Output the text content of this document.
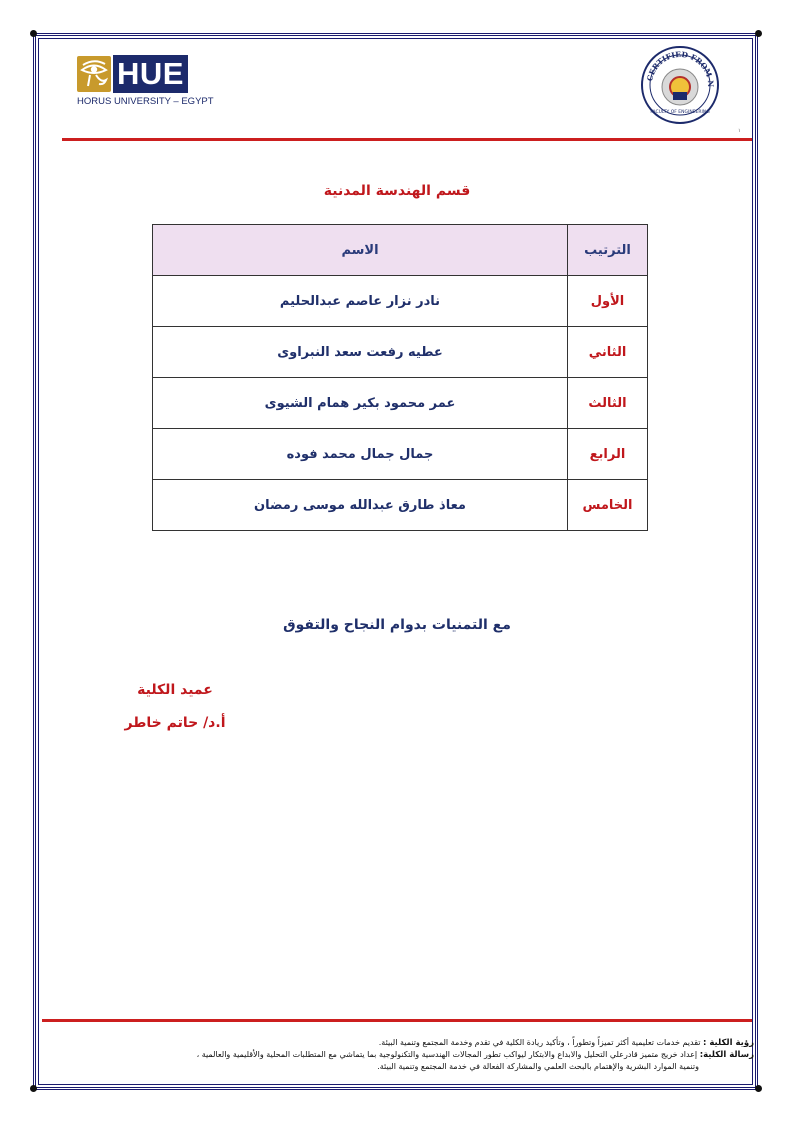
HUE
HORUS UNIVERSITY – EGYPT
CERTIFIED FROM N
FACULTY OF ENGINEERING
١
قسم الهندسة المدنية
الترتيب	الاسم
الأول	نادر نزار عاصم عبدالحليم
الثاني	عطيه رفعت سعد النبراوى
الثالث	عمر محمود بكير همام الشيوى
الرابع	جمال جمال محمد فوده
الخامس	معاذ طارق عبدالله موسى رمضان
مع التمنيات بدوام النجاح والتفوق
عميد الكلية
أ.د/ حاتم خاطر
رؤية الكلية : تقديم خدمات تعليمية أكثر تميزاً وتطوراً ، وتأكيد ريادة الكلية في تقدم وخدمة المجتمع وتنمية البيئة.
رسالة الكلية: إعداد خريج متميز قادرعلي التحليل والابداع والابتكار ليواكب تطور المجالات الهندسية والتكنولوجية بما يتماشي مع المتطلبات المحلية والأقليمية والعالمية ،
وتنمية الموارد البشرية والإهتمام بالبحث العلمي والمشاركة الفعالة في خدمة المجتمع وتنمية البيئة.
